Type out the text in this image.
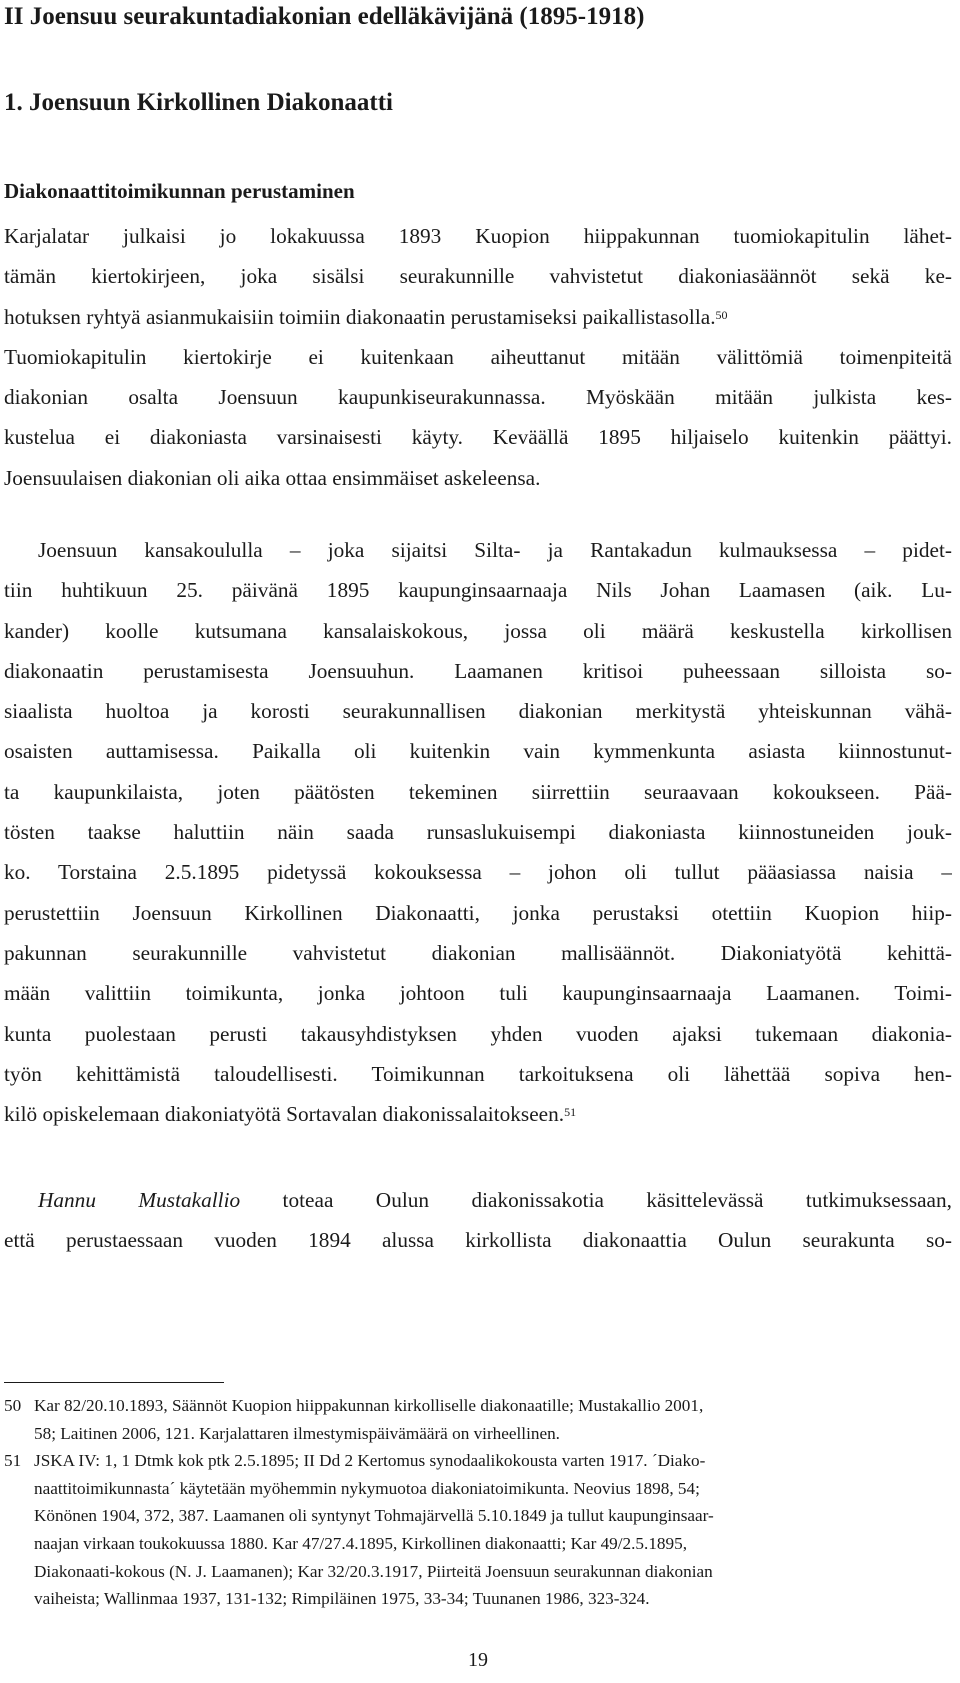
II Joensuu seurakuntadiakonian edelläkävijänä (1895-1918)
1. Joensuun Kirkollinen Diakonaatti
Diakonaattitoimikunnan perustaminen
Karjalatar julkaisi jo lokakuussa 1893 Kuopion hiippakunnan tuomiokapitulin lähet-
tämän kiertokirjeen, joka sisälsi seurakunnille vahvistetut diakoniasäännöt sekä ke-
hotuksen ryhtyä asianmukaisiin toimiin diakonaatin perustamiseksi paikallistasolla.$^{50}$
Tuomiokapitulin kiertokirje ei kuitenkaan aiheuttanut mitään välittömiä toimenpiteitä
diakonian osalta Joensuun kaupunkiseurakunnassa. Myöskään mitään julkista kes-
kustelua ei diakoniasta varsinaisesti käyty. Keväällä 1895 hiljaiselo kuitenkin päättyi.
Joensuulaisen diakonian oli aika ottaa ensimmäiset askeleensa.
Joensuun kansakoululla – joka sijaitsi Silta- ja Rantakadun kulmauksessa – pidet-
tiin huhtikuun 25. päivänä 1895 kaupunginsaarnaaja Nils Johan Laamasen (aik. Lu-
kander) koolle kutsumana kansalaiskokous, jossa oli määrä keskustella kirkollisen
diakonaatin perustamisesta Joensuuhun. Laamanen kritisoi puheessaan silloista so-
siaalista huoltoa ja korosti seurakunnallisen diakonian merkitystä yhteiskunnan vähä-
osaisten auttamisessa. Paikalla oli kuitenkin vain kymmenkunta asiasta kiinnostunut-
ta kaupunkilaista, joten päätösten tekeminen siirrettiin seuraavaan kokoukseen. Pää-
tösten taakse haluttiin näin saada runsaslukuisempi diakoniasta kiinnostuneiden jouk-
ko. Torstaina 2.5.1895 pidetyssä kokouksessa – johon oli tullut pääasiassa naisia –
perustettiin Joensuun Kirkollinen Diakonaatti, jonka perustaksi otettiin Kuopion hiip-
pakunnan seurakunnille vahvistetut diakonian mallisäännöt. Diakoniatyötä kehittä-
mään valittiin toimikunta, jonka johtoon tuli kaupunginsaarnaaja Laamanen. Toimi-
kunta puolestaan perusti takausyhdistyksen yhden vuoden ajaksi tukemaan diakonia-
työn kehittämistä taloudellisesti. Toimikunnan tarkoituksena oli lähettää sopiva hen-
kilö opiskelemaan diakoniatyötä Sortavalan diakonissalaitokseen.$^{51}$
Hannu Mustakallio toteaa Oulun diakonissakotia käsittelevässä tutkimuksessaan,
että perustaessaan vuoden 1894 alussa kirkollista diakonaattia Oulun seurakunta so-
50 Kar 82/20.10.1893, Säännöt Kuopion hiippakunnan kirkolliselle diakonaatille; Mustakallio 2001,
58; Laitinen 2006, 121. Karjalattaren ilmestymispäivämäärä on virheellinen.
51 JSKA IV: 1, 1 Dtmk kok ptk 2.5.1895; II Dd 2 Kertomus synodaalikokousta varten 1917. ´Diako-
naattitoimikunnasta´ käytetään myöhemmin nykymuotoa diakoniatoimikunta. Neovius 1898, 54;
Könönen 1904, 372, 387. Laamanen oli syntynyt Tohmajärvellä 5.10.1849 ja tullut kaupunginsaar-
naajan virkaan toukokuussa 1880. Kar 47/27.4.1895, Kirkollinen diakonaatti; Kar 49/2.5.1895,
Diakonaati-kokous (N. J. Laamanen); Kar 32/20.3.1917, Piirteitä Joensuun seurakunnan diakonian
vaiheista; Wallinmaa 1937, 131-132; Rimpiläinen 1975, 33-34; Tuunanen 1986, 323-324.
19
